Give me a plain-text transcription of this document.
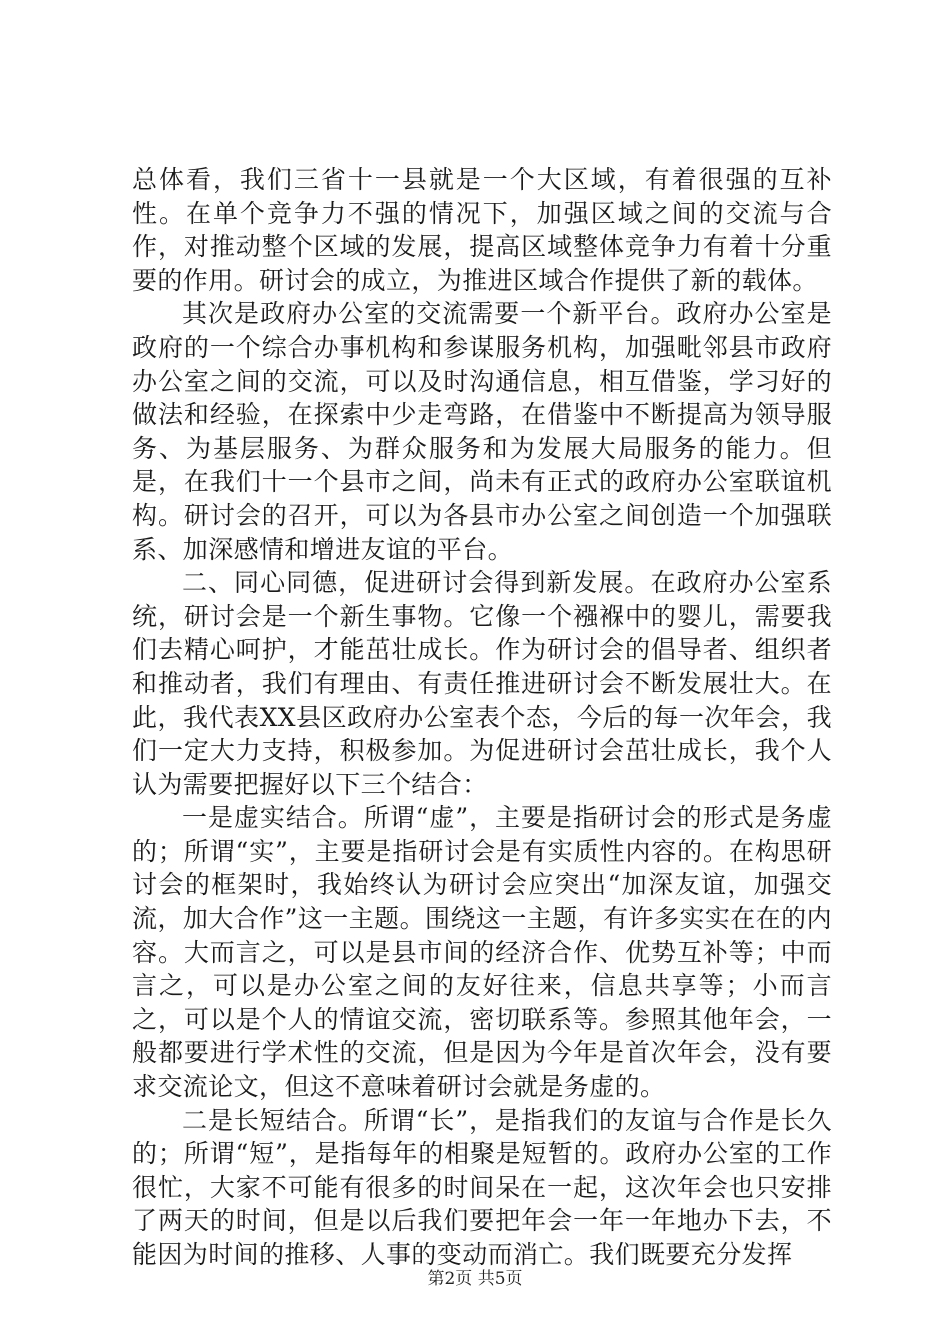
总体看，我们三省十一县就是一个大区域，有着很强的互补性。在单个竞争力不强的情况下，加强区域之间的交流与合作，对推动整个区域的发展，提高区域整体竞争力有着十分重要的作用。研讨会的成立，为推进区域合作提供了新的载体。

其次是政府办公室的交流需要一个新平台。政府办公室是政府的一个综合办事机构和参谋服务机构，加强毗邻县市政府办公室之间的交流，可以及时沟通信息，相互借鉴，学习好的做法和经验，在探索中少走弯路，在借鉴中不断提高为领导服务、为基层服务、为群众服务和为发展大局服务的能力。但是，在我们十一个县市之间，尚未有正式的政府办公室联谊机构。研讨会的召开，可以为各县市办公室之间创造一个加强联系、加深感情和增进友谊的平台。

二、同心同德，促进研讨会得到新发展。在政府办公室系统，研讨会是一个新生事物。它像一个襁褓中的婴儿，需要我们去精心呵护，才能茁壮成长。作为研讨会的倡导者、组织者和推动者，我们有理由、有责任推进研讨会不断发展壮大。在此，我代表XX县区政府办公室表个态，今后的每一次年会，我们一定大力支持，积极参加。为促进研讨会茁壮成长，我个人认为需要把握好以下三个结合：

一是虚实结合。所谓“虚”，主要是指研讨会的形式是务虚的；所谓“实”，主要是指研讨会是有实质性内容的。在构思研讨会的框架时，我始终认为研讨会应突出“加深友谊，加强交流，加大合作”这一主题。围绕这一主题，有许多实实在在的内容。大而言之，可以是县市间的经济合作、优势互补等；中而言之，可以是办公室之间的友好往来，信息共享等；小而言之，可以是个人的情谊交流，密切联系等。参照其他年会，一般都要进行学术性的交流，但是因为今年是首次年会，没有要求交流论文，但这不意味着研讨会就是务虚的。

二是长短结合。所谓“长”，是指我们的友谊与合作是长久的；所谓“短”，是指每年的相聚是短暂的。政府办公室的工作很忙，大家不可能有很多的时间呆在一起，这次年会也只安排了两天的时间，但是以后我们要把年会一年一年地办下去，不能因为时间的推移、人事的变动而消亡。我们既要充分发挥

第2页 共5页
